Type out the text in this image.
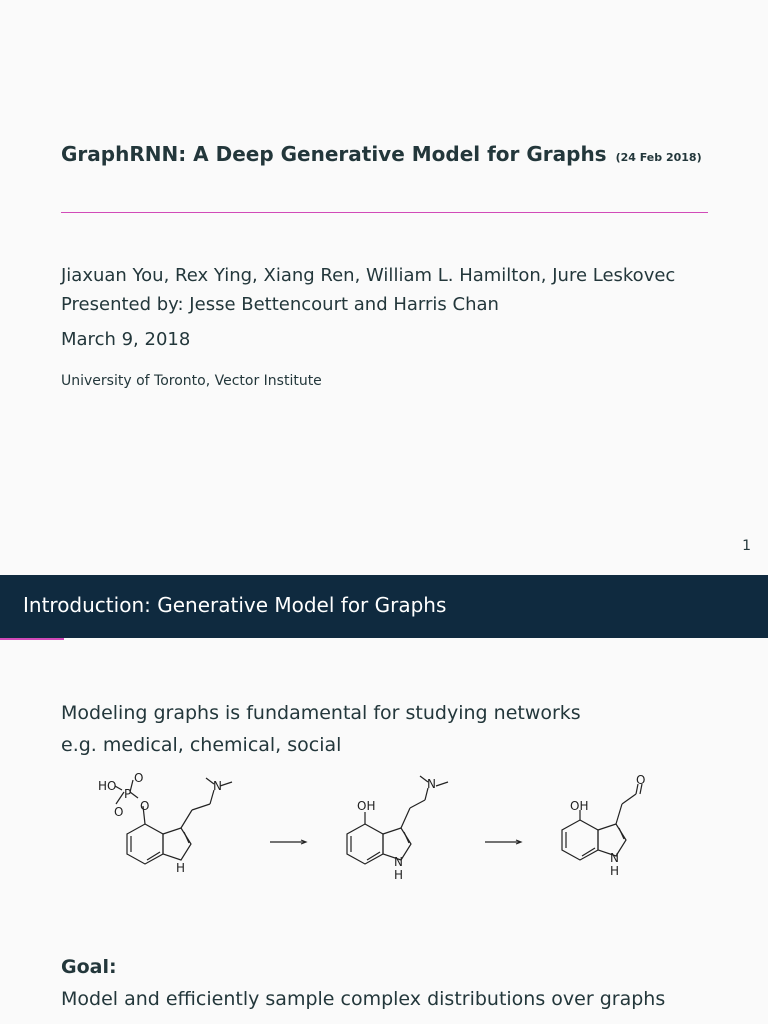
GraphRNN: A Deep Generative Model for Graphs (24 Feb 2018)
Jiaxuan You, Rex Ying, Xiang Ren, William L. Hamilton, Jure Leskovec
Presented by: Jesse Bettencourt and Harris Chan
March 9, 2018
University of Toronto, Vector Institute
1
Introduction: Generative Model for Graphs
Modeling graphs is fundamental for studying networks
e.g. medical, chemical, social
HO
P
O
O
O
N
H
OH
N
N
H
OH
O
N
H
Goal:
Model and efficiently sample complex distributions over graphs
